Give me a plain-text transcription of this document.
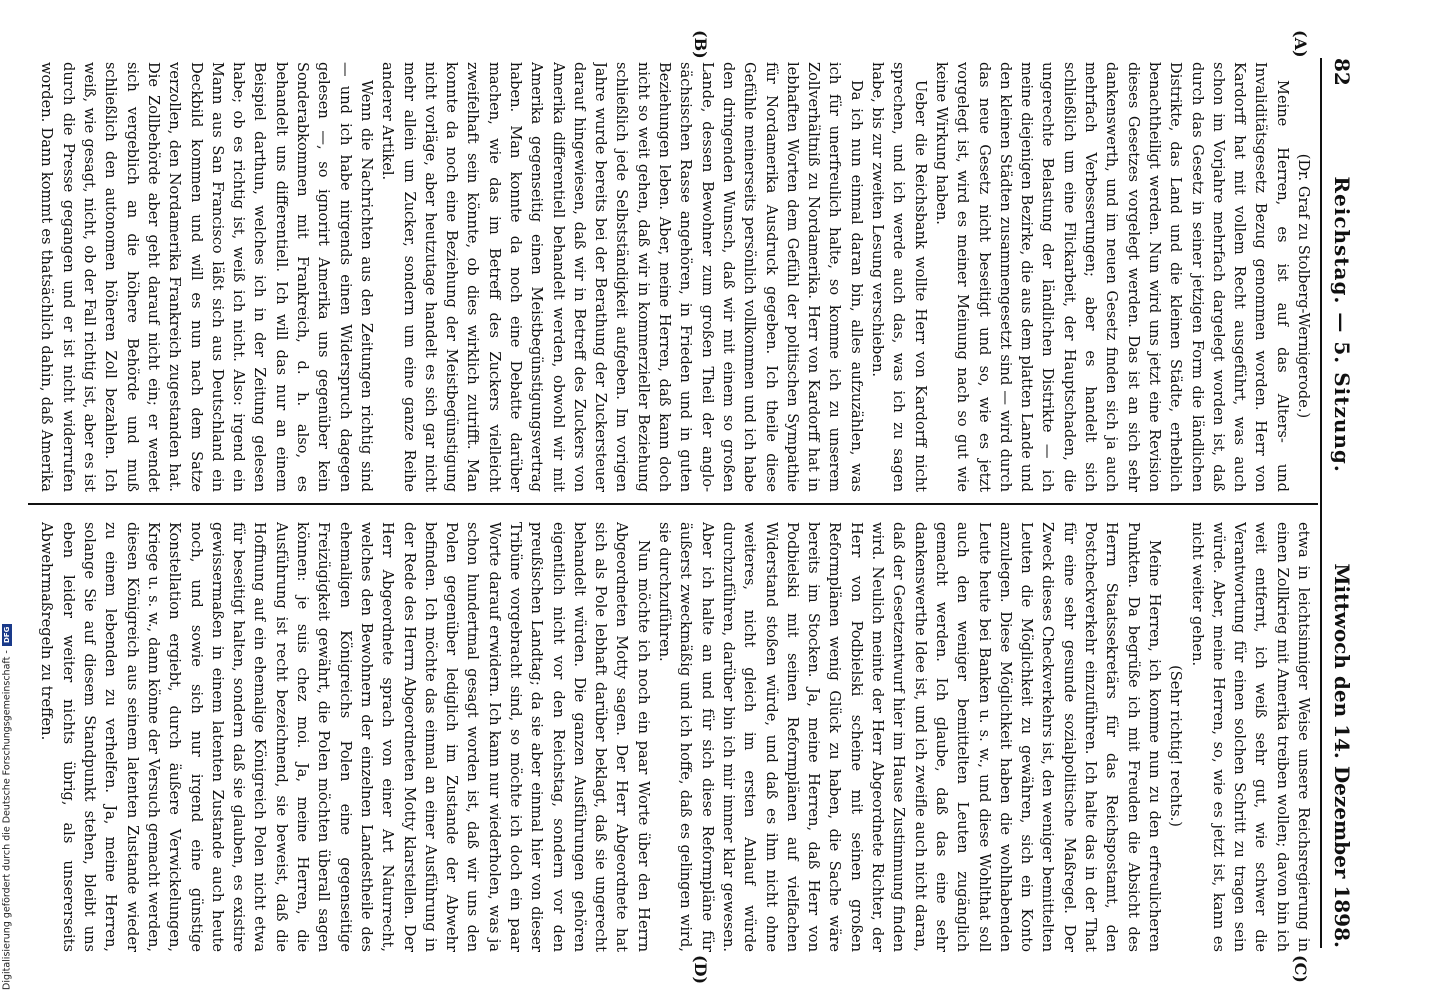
82
Reichstag. — 5. Sitzung.
Mittwoch den 14. Dezember 1898.
(A)
(B)
(C)
(D)

(Dr. Graf zu Stolberg-Wernigerode.)

Meine Herren, es ist auf das Alters- und Invaliditätsgesetz Bezug genommen worden. Herr von Kardorff hat mit vollem Recht ausgeführt, was auch schon im Vorjahre mehrfach dargelegt worden ist, daß durch das Gesetz in seiner jetzigen Form die ländlichen Distrikte, das Land und die kleinen Städte, erheblich benachtheiligt werden. Nun wird uns jetzt eine Revision dieses Gesetzes vorgelegt werden. Das ist an sich sehr dankenswerth, und im neuen Gesetz finden sich ja auch mehrfach Verbesserungen; aber es handelt sich schließlich um eine Flickarbeit, der Hauptschaden, die ungerechte Belastung der ländlichen Distrikte — ich meine diejenigen Bezirke, die aus dem platten Lande und den kleinen Städten zusammengesetzt sind — wird durch das neue Gesetz nicht beseitigt und so, wie es jetzt vorgelegt ist, wird es meiner Meinung nach so gut wie keine Wirkung haben.

Ueber die Reichsbank wollte Herr von Kardorff nicht sprechen, und ich werde auch das, was ich zu sagen habe, bis zur zweiten Lesung verschieben.

Da ich nun einmal daran bin, alles aufzuzählen, was ich für unerfreulich halte, so komme ich zu unserem Zollverhältniß zu Nordamerika. Herr von Kardorff hat in lebhaften Worten dem Gefühl der politischen Sympathie für Nordamerika Ausdruck gegeben. Ich theile diese Gefühle meinerseits persönlich vollkommen und ich habe den dringenden Wunsch, daß wir mit einem so großen Lande, dessen Bewohner zum großen Theil der anglo-sächsischen Rasse angehören, in Frieden und in guten Beziehungen leben. Aber, meine Herren, daß kann doch nicht so weit gehen, daß wir in kommerzieller Beziehung schließlich jede Selbstständigkeit aufgeben. Im vorigen Jahre wurde bereits bei der Berathung der Zuckersteuer darauf hingewiesen, daß wir in Betreff des Zuckers von Amerika differentiell behandelt werden, obwohl wir mit Amerika gegenseitig einen Meistbegünstigungsvertrag haben. Man konnte da noch eine Debatte darüber machen, wie das im Betreff des Zuckers vielleicht zweifelhaft sein könnte, ob dies wirklich zutrifft. Man konnte da noch eine Beziehung der Meistbegünstigung nicht vorläge, aber heutzutage handelt es sich gar nicht mehr allein um Zucker, sondern um eine ganze Reihe anderer Artikel.

Wenn die Nachrichten aus den Zeitungen richtig sind — und ich habe nirgends einen Widerspruch dagegen gelesen —, so ignorirt Amerika uns gegenüber kein Sonderabkommen mit Frankreich, d. h. also, es behandelt uns differentiell. Ich will das nur an einem Beispiel darthun, welches ich in der Zeitung gelesen habe; ob es richtig ist, weiß ich nicht. Also: irgend ein Mann aus San Francisco läßt sich aus Deutschland ein Deckbild kommen und will es nun nach dem Satze verzollen, den Nordamerika Frankreich zugestanden hat. Die Zollbehörde aber geht darauf nicht ein; er wendet sich vergeblich an die höhere Behörde und muß schließlich den autonomen höheren Zoll bezahlen. Ich weiß, wie gesagt, nicht, ob der Fall richtig ist, aber es ist durch die Presse gegangen und er ist nicht widerrufen worden. Dann kommt es thatsächlich dahin, daß Amerika

etwa in leichtsinniger Weise unsere Reichsregierung in einen Zollkrieg mit Amerika treiben wollen; davon bin ich weit entfernt, ich weiß sehr gut, wie schwer die Verantwortung für einen solchen Schritt zu tragen sein würde. Aber, meine Herren, so, wie es jetzt ist, kann es nicht weiter gehen.

(Sehr richtig! rechts.)

Meine Herren, ich komme nun zu den erfreulicheren Punkten. Da begrüße ich mit Freuden die Absicht des Herrn Staatssekretärs für das Reichspostamt, den Postcheckverkehr einzuführen. Ich halte das in der That für eine sehr gesunde sozialpolitische Maßregel. Der Zweck dieses Checkverkehrs ist, den weniger bemittelten Leuten die Möglichkeit zu gewähren, sich ein Konto anzulegen. Diese Möglichkeit haben die wohlhabenden Leute heute bei Banken u. s. w., und diese Wohlthat soll auch den weniger bemittelten Leuten zugänglich gemacht werden. Ich glaube, daß das eine sehr dankenswerthe Idee ist, und ich zweifle auch nicht daran, daß der Gesetzentwurf hier im Hause Zustimmung finden wird. Neulich meinte der Herr Abgeordnete Richter, der Herr von Podbielski scheine mit seinen großen Reformplänen wenig Glück zu haben, die Sache wäre bereits im Stocken. Ja, meine Herren, daß Herr von Podbielski mit seinen Reformplänen auf vielfachen Widerstand stoßen würde, und daß es ihm nicht ohne weiteres, nicht gleich im ersten Anlauf würde durchzuführen, darüber bin ich mir immer klar gewesen. Aber ich halte an und für sich diese Reformpläne für äußerst zweckmäßig und ich hoffe, daß es gelingen wird, sie durchzuführen.

Nun möchte ich noch ein paar Worte über den Herrn Abgeordneten Motty sagen. Der Herr Abgeordnete hat sich als Pole lebhaft darüber beklagt, daß sie ungerecht behandelt würden. Die ganzen Ausführungen gehören eigentlich nicht vor den Reichstag, sondern vor den preußischen Landtag; da sie aber einmal hier von dieser Tribüne vorgebracht sind, so möchte ich doch ein paar Worte darauf erwidern. Ich kann nur wiederholen, was ja schon hundertmal gesagt worden ist, daß wir uns den Polen gegenüber lediglich im Zustande der Abwehr befinden. Ich möchte das einmal an einer Ausführung in der Rede des Herrn Abgeordneten Motty klarstellen. Der Herr Abgeordnete sprach von einer Art Naturrecht, welches den Bewohnern der einzelnen Landestheile des ehemaligen Königreichs Polen eine gegenseitige Freizügigkeit gewährt, die Polen möchten überall sagen können: je suis chez moi. Ja, meine Herren, die Ausführung ist recht bezeichnend, sie beweist, daß die Hoffnung auf ein ehemalige Königreich Polen nicht etwa für beseitigt halten, sondern daß sie glauben, es existire gewissermaßen in einem latenten Zustande auch heute noch, und sowie sich nur irgend eine günstige Konstellation ergiebt, durch äußere Verwickelungen, Kriege u. s. w., dann könne der Versuch gemacht werden, diesen Königreich aus seinem latenten Zustande wieder zu einem lebenden zu verhelfen. Ja, meine Herren, solange Sie auf diesem Standpunkt stehen, bleibt uns eben leider weiter nichts übrig, als unsererseits Abwehrmaßregeln zu treffen.

Digitalisierung gefördert durch die Deutsche Forschungsgemeinschaft -
DFG
